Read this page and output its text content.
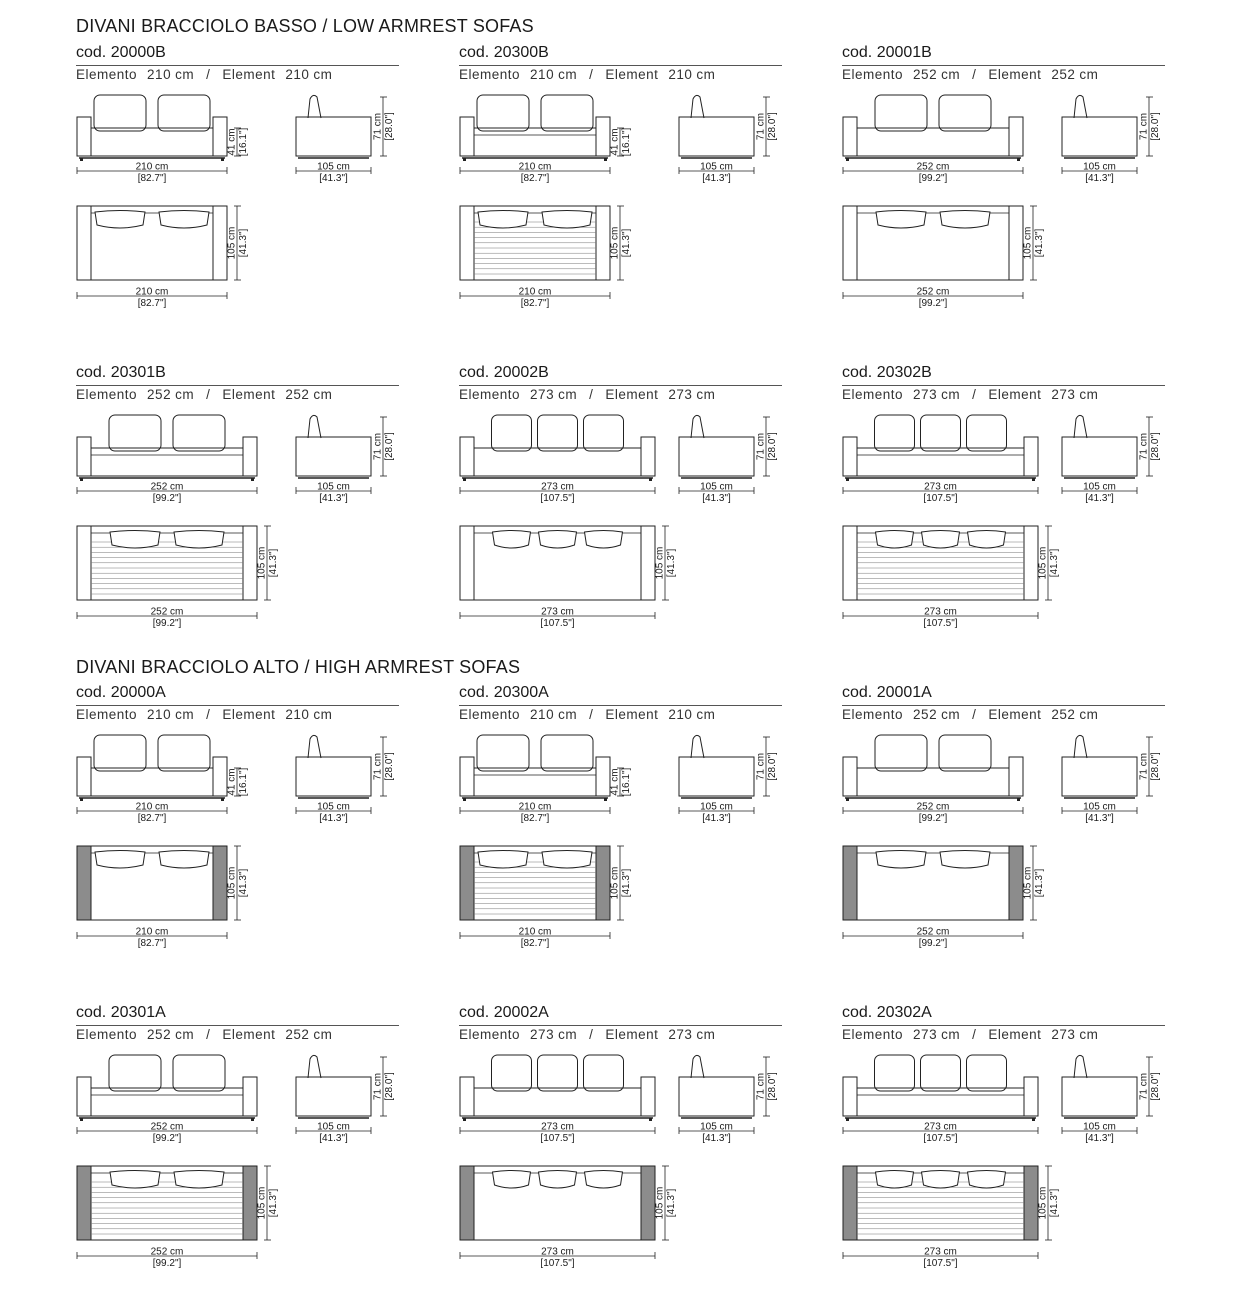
DIVANI BRACCIOLO BASSO / LOW ARMREST SOFAS
DIVANI BRACCIOLO ALTO / HIGH ARMREST SOFAS
cod. 20000B
Elemento 210 cm / Element 210 cm
210 cm
[82.7"]
41 cm [16.1"]
105 cm
[41.3"]
71 cm [28.0"]
210 cm
[82.7"]
105 cm [41.3"]
cod. 20300B
Elemento 210 cm / Element 210 cm
210 cm
[82.7"]
41 cm [16.1"]
105 cm
[41.3"]
71 cm [28.0"]
210 cm
[82.7"]
105 cm [41.3"]
cod. 20001B
Elemento 252 cm / Element 252 cm
252 cm
[99.2"]
105 cm
[41.3"]
71 cm [28.0"]
252 cm
[99.2"]
105 cm [41.3"]
cod. 20301B
Elemento 252 cm / Element 252 cm
252 cm
[99.2"]
105 cm
[41.3"]
71 cm [28.0"]
252 cm
[99.2"]
105 cm [41.3"]
cod. 20002B
Elemento 273 cm / Element 273 cm
273 cm
[107.5"]
105 cm
[41.3"]
71 cm [28.0"]
273 cm
[107.5"]
105 cm [41.3"]
cod. 20302B
Elemento 273 cm / Element 273 cm
273 cm
[107.5"]
105 cm
[41.3"]
71 cm [28.0"]
273 cm
[107.5"]
105 cm [41.3"]
cod. 20000A
Elemento 210 cm / Element 210 cm
210 cm
[82.7"]
41 cm [16.1"]
105 cm
[41.3"]
71 cm [28.0"]
210 cm
[82.7"]
105 cm [41.3"]
cod. 20300A
Elemento 210 cm / Element 210 cm
210 cm
[82.7"]
41 cm [16.1"]
105 cm
[41.3"]
71 cm [28.0"]
210 cm
[82.7"]
105 cm [41.3"]
cod. 20001A
Elemento 252 cm / Element 252 cm
252 cm
[99.2"]
105 cm
[41.3"]
71 cm [28.0"]
252 cm
[99.2"]
105 cm [41.3"]
cod. 20301A
Elemento 252 cm / Element 252 cm
252 cm
[99.2"]
105 cm
[41.3"]
71 cm [28.0"]
252 cm
[99.2"]
105 cm [41.3"]
cod. 20002A
Elemento 273 cm / Element 273 cm
273 cm
[107.5"]
105 cm
[41.3"]
71 cm [28.0"]
273 cm
[107.5"]
105 cm [41.3"]
cod. 20302A
Elemento 273 cm / Element 273 cm
273 cm
[107.5"]
105 cm
[41.3"]
71 cm [28.0"]
273 cm
[107.5"]
105 cm [41.3"]
